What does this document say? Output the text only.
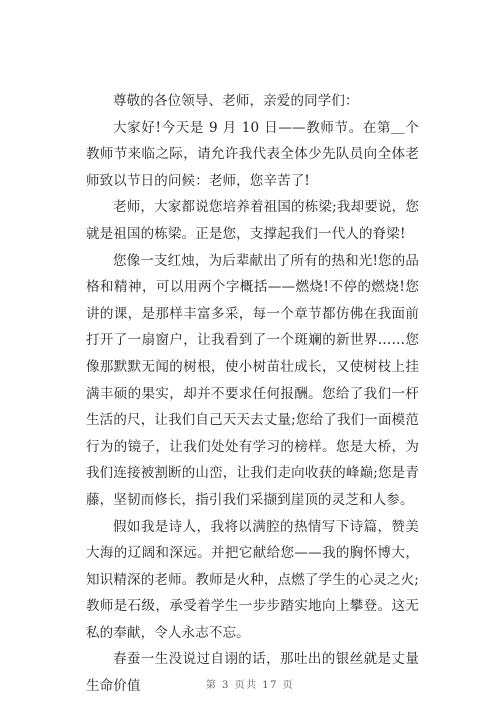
尊敬的各位领导、老师，亲爱的同学们：

大家好!今天是 9 月 10 日——教师节。在第＿个教师节来临之际，请允许我代表全体少先队员向全体老师致以节日的问候：老师，您辛苦了!

老师，大家都说您培养着祖国的栋梁;我却要说，您就是祖国的栋梁。正是您，支撑起我们一代人的脊梁!

您像一支红烛，为后辈献出了所有的热和光!您的品格和精神，可以用两个字概括——燃烧!不停的燃烧!您讲的课，是那样丰富多采，每一个章节都仿佛在我面前打开了一扇窗户，让我看到了一个斑斓的新世界……您像那默默无闻的树根，使小树苗壮成长，又使树枝上挂满丰硕的果实，却并不要求任何报酬。您给了我们一杆生活的尺，让我们自己天天去丈量;您给了我们一面模范行为的镜子，让我们处处有学习的榜样。您是大桥，为我们连接被割断的山峦，让我们走向收获的峰巅;您是青藤，坚韧而修长，指引我们采撷到崖顶的灵芝和人参。

假如我是诗人，我将以满腔的热情写下诗篇，赞美大海的辽阔和深远。并把它献给您——我的胸怀博大，知识精深的老师。教师是火种，点燃了学生的心灵之火;教师是石级，承受着学生一步步踏实地向上攀登。这无私的奉献，令人永志不忘。

春蚕一生没说过自诩的话，那吐出的银丝就是丈量生命价值	第 3 页共 17 页
